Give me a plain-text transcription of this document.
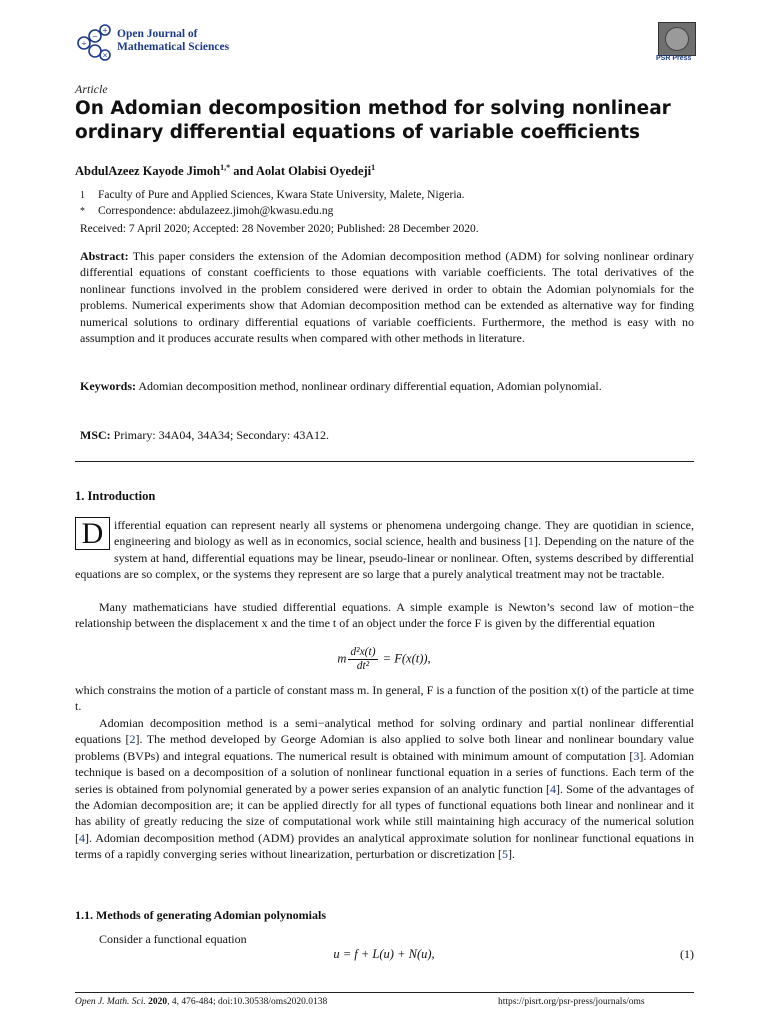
+
−
×
÷
Open Journal of
Mathematical Sciences
PSR Press
Article
On Adomian decomposition method for solving nonlinear ordinary differential equations of variable coefficients
AbdulAzeez Kayode Jimoh$^{1,*}$ and Aolat Olabisi Oyedeji$^1$
1 Faculty of Pure and Applied Sciences, Kwara State University, Malete, Nigeria.
* Correspondence: abdulazeez.jimoh@kwasu.edu.ng
Received: 7 April 2020; Accepted: 28 November 2020; Published: 28 December 2020.

Abstract: This paper considers the extension of the Adomian decomposition method (ADM) for solving nonlinear ordinary differential equations of constant coefficients to those equations with variable coefficients. The total derivatives of the nonlinear functions involved in the problem considered were derived in order to obtain the Adomian polynomials for the problems. Numerical experiments show that Adomian decomposition method can be extended as alternative way for finding numerical solutions to ordinary differential equations of variable coefficients. Furthermore, the method is easy with no assumption and it produces accurate results when compared with other methods in literature.

Keywords: Adomian decomposition method, nonlinear ordinary differential equation, Adomian polynomial.

MSC: Primary: 34A04, 34A34; Secondary: 43A12.

1. Introduction

D ifferential equation can represent nearly all systems or phenomena undergoing change. They are quotidian in science, engineering and biology as well as in economics, social science, health and business [1]. Depending on the nature of the system at hand, differential equations may be linear, pseudo-linear or nonlinear. Often, systems described by differential equations are so complex, or the systems they represent are so large that a purely analytical treatment may not be tractable.

Many mathematicians have studied differential equations. A simple example is Newton’s second law of motion−the relationship between the displacement x and the time t of an object under the force F is given by the differential equation

m $\frac{\text{d²x(t)}}{\text{dt²}} = F(x(t))$,

which constrains the motion of a particle of constant mass m. In general, F is a function of the position x(t) of the particle at time t.

Adomian decomposition method is a semi−analytical method for solving ordinary and partial nonlinear differential equations [2]. The method developed by George Adomian is also applied to solve both linear and nonlinear boundary value problems (BVPs) and integral equations. The numerical result is obtained with minimum amount of computation [3]. Adomian technique is based on a decomposition of a solution of nonlinear functional equation in a series of functions. Each term of the series is obtained from polynomial generated by a power series expansion of an analytic function [4]. Some of the advantages of the Adomian decomposition are; it can be applied directly for all types of functional equations both linear and nonlinear and it has ability of greatly reducing the size of computational work while still maintaining high accuracy of the numerical solution [4]. Adomian decomposition method (ADM) provides an analytical approximate solution for nonlinear functional equations in terms of a rapidly converging series without linearization, perturbation or discretization [5].

1.1. Methods of generating Adomian polynomials

Consider a functional equation

u = f + L(u) + N(u),	(1)
Open J. Math. Sci. 2020, 4, 476-484; doi:10.30538/oms2020.0138	https://pisrt.org/psr-press/journals/oms
